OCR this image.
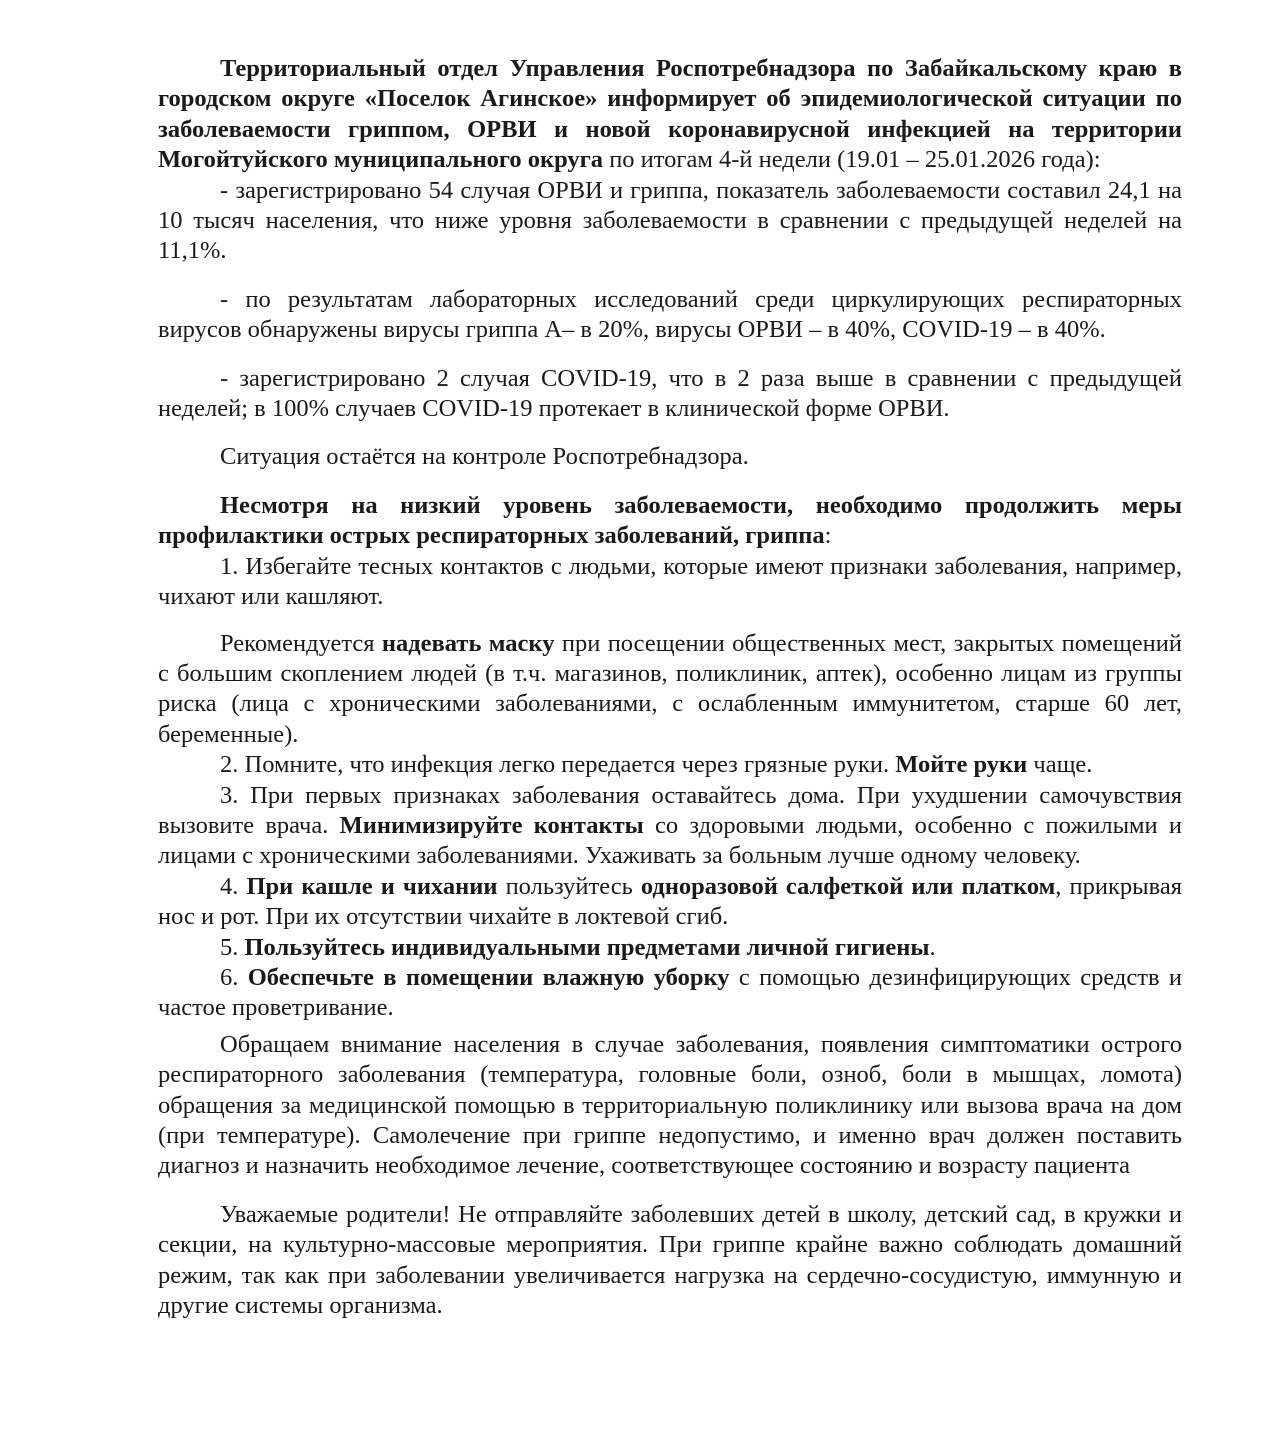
Территориальный отдел Управления Роспотребнадзора по Забайкальскому краю в городском округе «Поселок Агинское» информирует об эпидемиологической ситуации по заболеваемости гриппом, ОРВИ и новой коронавирусной инфекцией на территории Могойтуйского муниципального округа по итогам 4-й недели (19.01 – 25.01.2026 года):

- зарегистрировано 54 случая ОРВИ и гриппа, показатель заболеваемости составил 24,1 на 10 тысяч населения, что ниже уровня заболеваемости в сравнении с предыдущей неделей на 11,1%.

- по результатам лабораторных исследований среди циркулирующих респираторных вирусов обнаружены вирусы гриппа А– в 20%, вирусы ОРВИ – в 40%, COVID-19 – в 40%.

- зарегистрировано 2 случая COVID-19, что в 2 раза выше в сравнении с предыдущей неделей; в 100% случаев COVID-19 протекает в клинической форме ОРВИ.

Ситуация остаётся на контроле Роспотребнадзора.

Несмотря на низкий уровень заболеваемости, необходимо продолжить меры профилактики острых респираторных заболеваний, гриппа:

1. Избегайте тесных контактов с людьми, которые имеют признаки заболевания, например, чихают или кашляют.

Рекомендуется надевать маску при посещении общественных мест, закрытых помещений с большим скоплением людей (в т.ч. магазинов, поликлиник, аптек), особенно лицам из группы риска (лица с хроническими заболеваниями, с ослабленным иммунитетом, старше 60 лет, беременные).

2. Помните, что инфекция легко передается через грязные руки. Мойте руки чаще.

3. При первых признаках заболевания оставайтесь дома. При ухудшении самочувствия вызовите врача. Минимизируйте контакты со здоровыми людьми, особенно с пожилыми и лицами с хроническими заболеваниями. Ухаживать за больным лучше одному человеку.

4. При кашле и чихании пользуйтесь одноразовой салфеткой или платком, прикрывая нос и рот. При их отсутствии чихайте в локтевой сгиб.

5. Пользуйтесь индивидуальными предметами личной гигиены.

6. Обеспечьте в помещении влажную уборку с помощью дезинфицирующих средств и частое проветривание.

Обращаем внимание населения в случае заболевания, появления симптоматики острого респираторного заболевания (температура, головные боли, озноб, боли в мышцах, ломота) обращения за медицинской помощью в территориальную поликлинику или вызова врача на дом (при температуре). Самолечение при гриппе недопустимо, и именно врач должен поставить диагноз и назначить необходимое лечение, соответствующее состоянию и возрасту пациента

Уважаемые родители! Не отправляйте заболевших детей в школу, детский сад, в кружки и секции, на культурно-массовые мероприятия. При гриппе крайне важно соблюдать домашний режим, так как при заболевании увеличивается нагрузка на сердечно-сосудистую, иммунную и другие системы организма.
